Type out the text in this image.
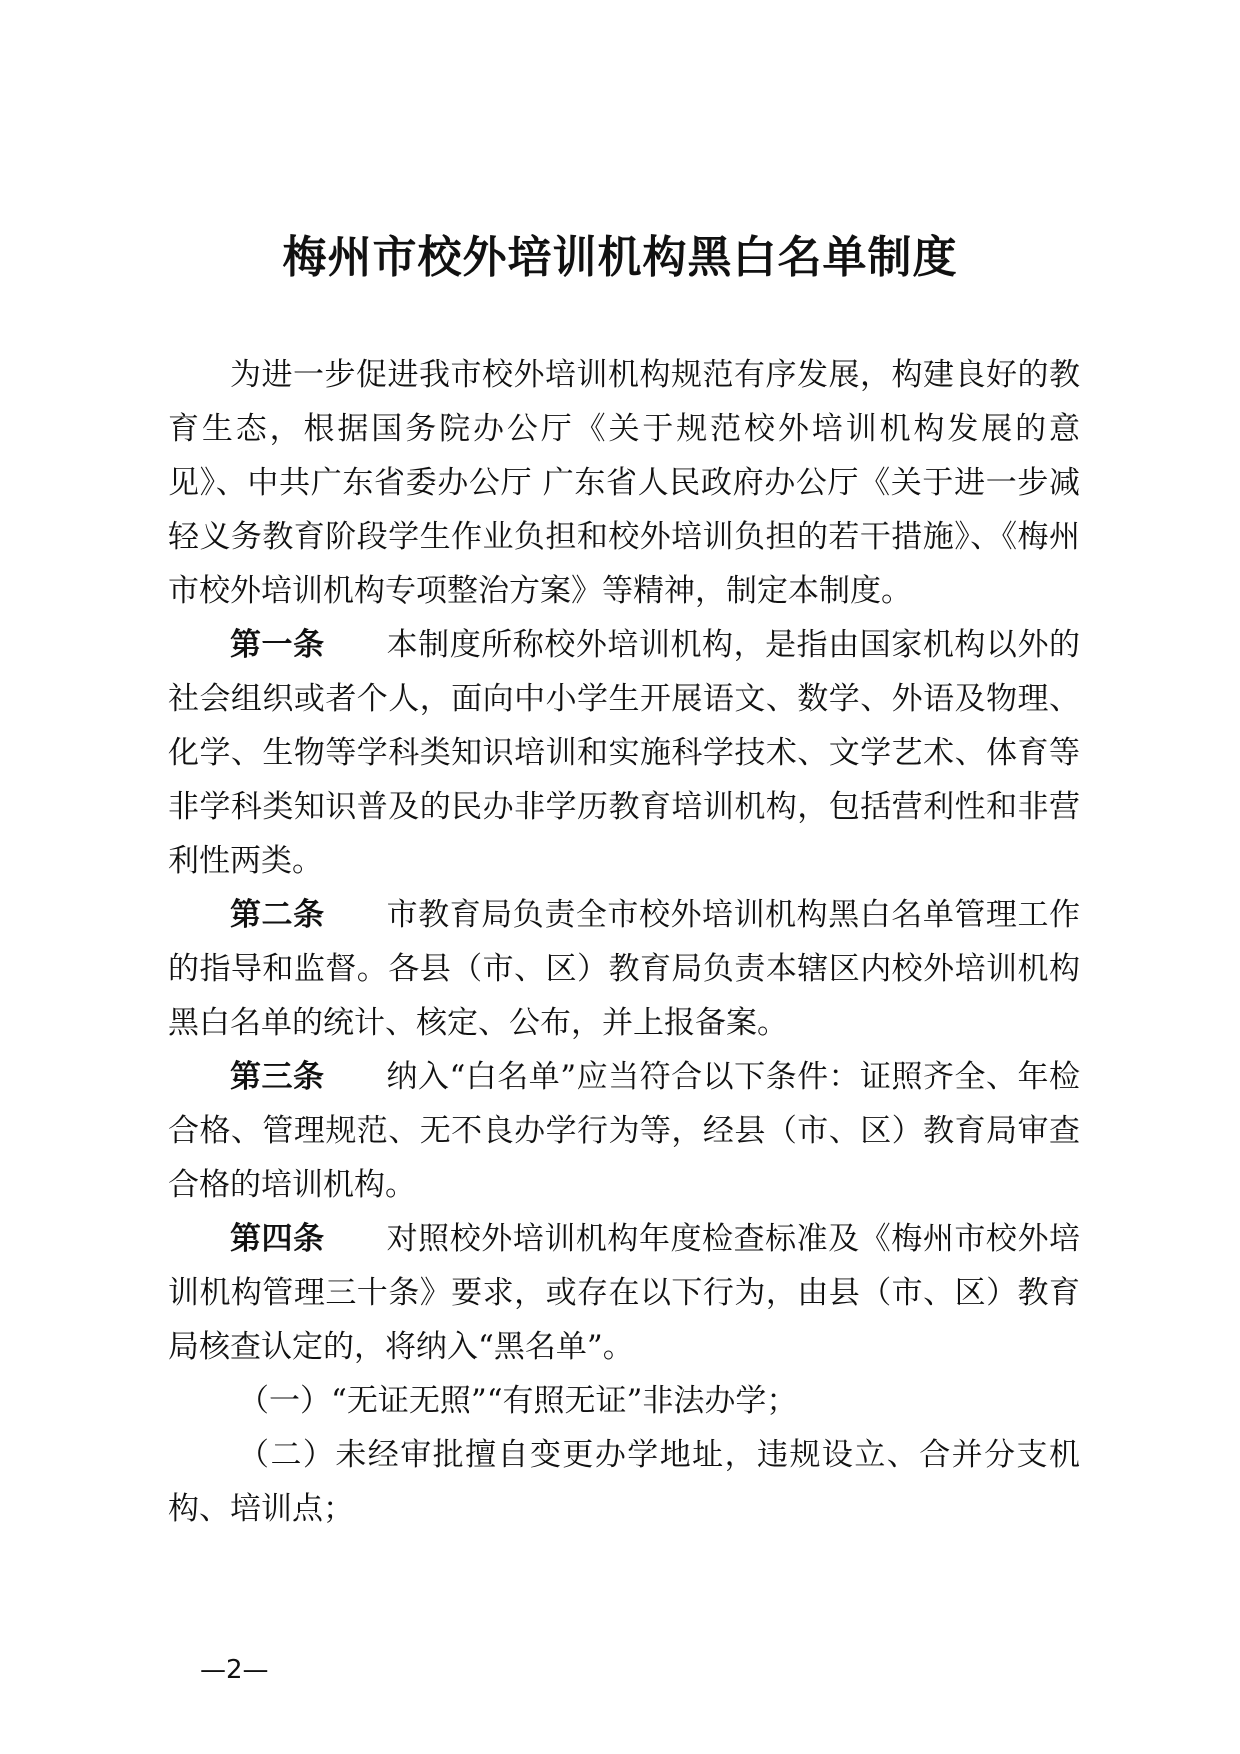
梅州市校外培训机构黑白名单制度

为进一步促进我市校外培训机构规范有序发展，构建良好的教育生态，根据国务院办公厅《关于规范校外培训机构发展的意见》、中共广东省委办公厅 广东省人民政府办公厅《关于进一步减轻义务教育阶段学生作业负担和校外培训负担的若干措施》、《梅州市校外培训机构专项整治方案》等精神，制定本制度。

第一条 本制度所称校外培训机构，是指由国家机构以外的社会组织或者个人，面向中小学生开展语文、数学、外语及物理、化学、生物等学科类知识培训和实施科学技术、文学艺术、体育等非学科类知识普及的民办非学历教育培训机构，包括营利性和非营利性两类。

第二条 市教育局负责全市校外培训机构黑白名单管理工作的指导和监督。各县（市、区）教育局负责本辖区内校外培训机构黑白名单的统计、核定、公布，并上报备案。

第三条 纳入“白名单”应当符合以下条件：证照齐全、年检合格、管理规范、无不良办学行为等，经县（市、区）教育局审查合格的培训机构。

第四条 对照校外培训机构年度检查标准及《梅州市校外培训机构管理三十条》要求，或存在以下行为，由县（市、区）教育局核查认定的，将纳入“黑名单”。

（一）“无证无照”“有照无证”非法办学；

（二）未经审批擅自变更办学地址，违规设立、合并分支机构、培训点；

—2—
